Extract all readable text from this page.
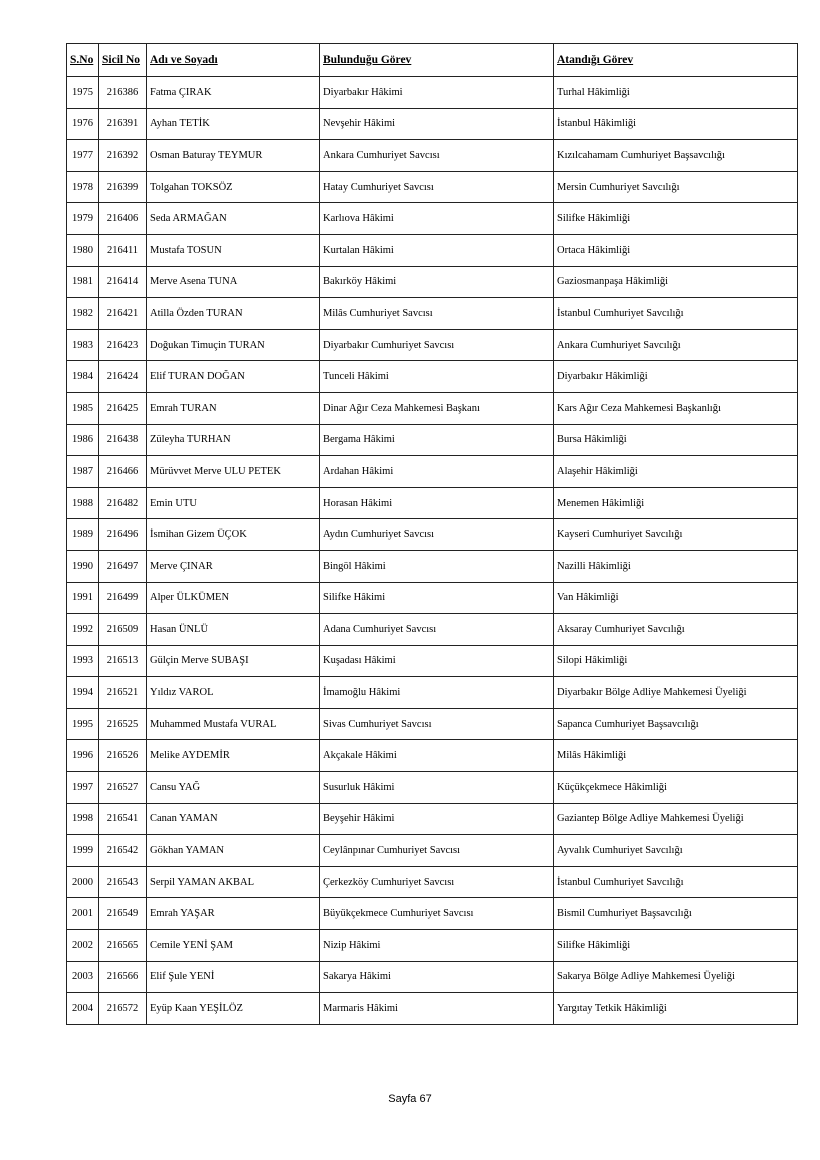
S.No	Sicil No	Adı ve Soyadı	Bulunduğu Görev	Atandığı Görev
1975	216386	Fatma ÇIRAK	Diyarbakır Hâkimi	Turhal Hâkimliği
1976	216391	Ayhan TETİK	Nevşehir Hâkimi	İstanbul Hâkimliği
1977	216392	Osman Baturay TEYMUR	Ankara Cumhuriyet Savcısı	Kızılcahamam Cumhuriyet Başsavcılığı
1978	216399	Tolgahan TOKSÖZ	Hatay Cumhuriyet Savcısı	Mersin Cumhuriyet Savcılığı
1979	216406	Seda ARMAĞAN	Karlıova Hâkimi	Silifke Hâkimliği
1980	216411	Mustafa TOSUN	Kurtalan Hâkimi	Ortaca Hâkimliği
1981	216414	Merve Asena TUNA	Bakırköy Hâkimi	Gaziosmanpaşa Hâkimliği
1982	216421	Atilla Özden TURAN	Milâs Cumhuriyet Savcısı	İstanbul Cumhuriyet Savcılığı
1983	216423	Doğukan Timuçin TURAN	Diyarbakır Cumhuriyet Savcısı	Ankara Cumhuriyet Savcılığı
1984	216424	Elif TURAN DOĞAN	Tunceli Hâkimi	Diyarbakır Hâkimliği
1985	216425	Emrah TURAN	Dinar Ağır Ceza Mahkemesi Başkanı	Kars Ağır Ceza Mahkemesi Başkanlığı
1986	216438	Züleyha TURHAN	Bergama Hâkimi	Bursa Hâkimliği
1987	216466	Mürüvvet Merve ULU PETEK	Ardahan Hâkimi	Alaşehir Hâkimliği
1988	216482	Emin UTU	Horasan Hâkimi	Menemen Hâkimliği
1989	216496	İsmihan Gizem ÜÇOK	Aydın Cumhuriyet Savcısı	Kayseri Cumhuriyet Savcılığı
1990	216497	Merve ÇINAR	Bingöl Hâkimi	Nazilli Hâkimliği
1991	216499	Alper ÜLKÜMEN	Silifke Hâkimi	Van Hâkimliği
1992	216509	Hasan ÜNLÜ	Adana Cumhuriyet Savcısı	Aksaray Cumhuriyet Savcılığı
1993	216513	Gülçin Merve SUBAŞI	Kuşadası Hâkimi	Silopi Hâkimliği
1994	216521	Yıldız VAROL	İmamoğlu Hâkimi	Diyarbakır Bölge Adliye Mahkemesi Üyeliği
1995	216525	Muhammed Mustafa VURAL	Sivas Cumhuriyet Savcısı	Sapanca Cumhuriyet Başsavcılığı
1996	216526	Melike AYDEMİR	Akçakale Hâkimi	Milâs Hâkimliği
1997	216527	Cansu YAĞ	Susurluk Hâkimi	Küçükçekmece Hâkimliği
1998	216541	Canan YAMAN	Beyşehir Hâkimi	Gaziantep Bölge Adliye Mahkemesi Üyeliği
1999	216542	Gökhan YAMAN	Ceylânpınar Cumhuriyet Savcısı	Ayvalık Cumhuriyet Savcılığı
2000	216543	Serpil YAMAN AKBAL	Çerkezköy Cumhuriyet Savcısı	İstanbul Cumhuriyet Savcılığı
2001	216549	Emrah YAŞAR	Büyükçekmece Cumhuriyet Savcısı	Bismil Cumhuriyet Başsavcılığı
2002	216565	Cemile YENİ ŞAM	Nizip Hâkimi	Silifke Hâkimliği
2003	216566	Elif Şule YENİ	Sakarya Hâkimi	Sakarya Bölge Adliye Mahkemesi Üyeliği
2004	216572	Eyüp Kaan YEŞİLÖZ	Marmaris Hâkimi	Yargıtay Tetkik Hâkimliği
Sayfa 67
